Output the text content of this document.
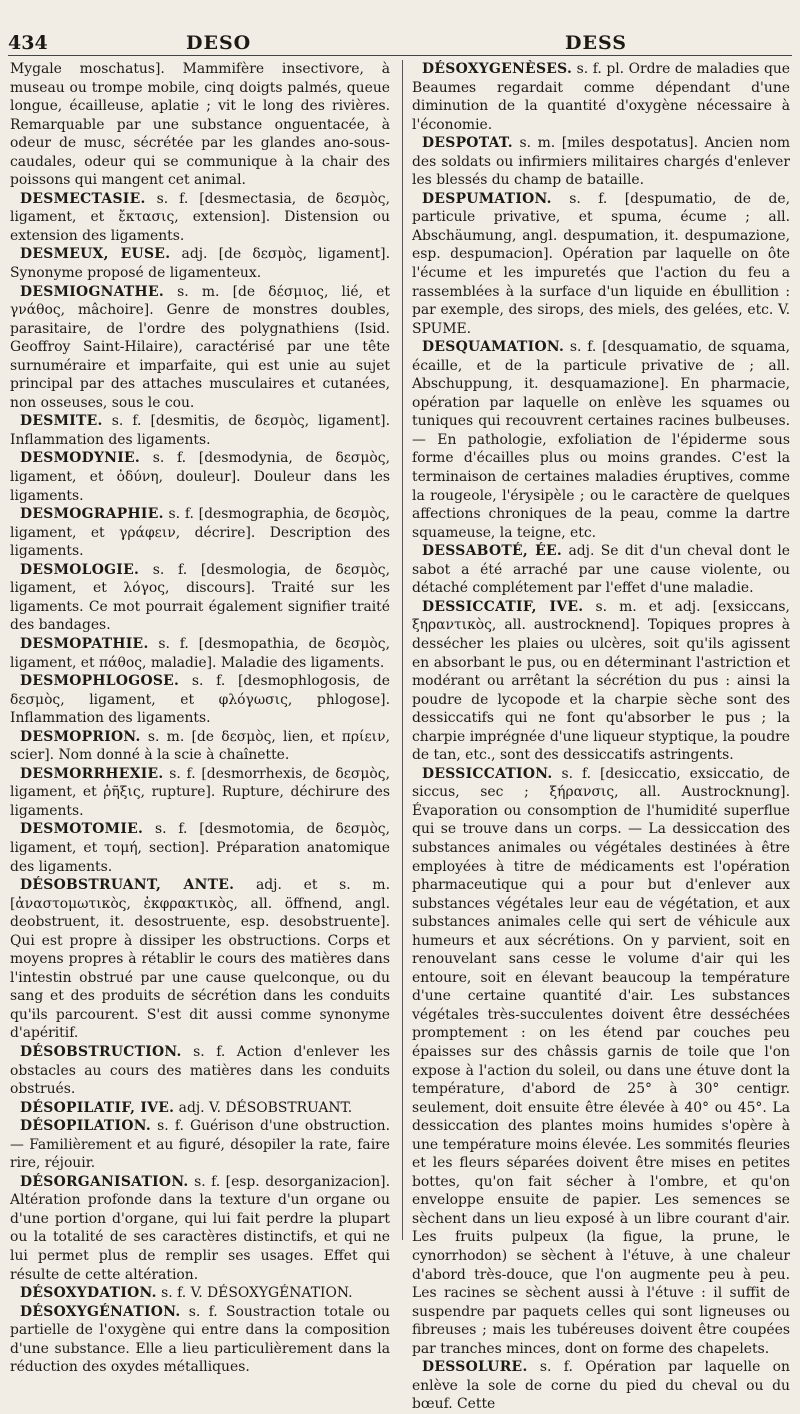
434	DESO	DESS

Mygale moschatus]. Mammifère insectivore, à museau ou trompe mobile, cinq doigts palmés, queue longue, écailleuse, aplatie ; vit le long des rivières. Remarquable par une substance onguentacée, à odeur de musc, sécrétée par les glandes ano-sous-caudales, odeur qui se communique à la chair des poissons qui mangent cet animal.

DESMECTASIE. s. f. [desmectasia, de δεσμὸς, ligament, et ἔκτασις, extension]. Distension ou extension des ligaments.

DESMEUX, EUSE. adj. [de δεσμὸς, ligament]. Synonyme proposé de ligamenteux.

DESMIOGNATHE. s. m. [de δέσμιος, lié, et γνάθος, mâchoire]. Genre de monstres doubles, parasitaire, de l'ordre des polygnathiens (Isid. Geoffroy Saint-Hilaire), caractérisé par une tête surnuméraire et imparfaite, qui est unie au sujet principal par des attaches musculaires et cutanées, non osseuses, sous le cou.

DESMITE. s. f. [desmitis, de δεσμὸς, ligament]. Inflammation des ligaments.

DESMODYNIE. s. f. [desmodynia, de δεσμὸς, ligament, et ὀδύνη, douleur]. Douleur dans les ligaments.

DESMOGRAPHIE. s. f. [desmographia, de δεσμὸς, ligament, et γράφειν, décrire]. Description des ligaments.

DESMOLOGIE. s. f. [desmologia, de δεσμὸς, ligament, et λόγος, discours]. Traité sur les ligaments. Ce mot pourrait également signifier traité des bandages.

DESMOPATHIE. s. f. [desmopathia, de δεσμὸς, ligament, et πάθος, maladie]. Maladie des ligaments.

DESMOPHLOGOSE. s. f. [desmophlogosis, de δεσμὸς, ligament, et φλόγωσις, phlogose]. Inflammation des ligaments.

DESMOPRION. s. m. [de δεσμὸς, lien, et πρίειν, scier]. Nom donné à la scie à chaînette.

DESMORRHEXIE. s. f. [desmorrhexis, de δεσμὸς, ligament, et ῥῆξις, rupture]. Rupture, déchirure des ligaments.

DESMOTOMIE. s. f. [desmotomia, de δεσμὸς, ligament, et τομή, section]. Préparation anatomique des ligaments.

DÉSOBSTRUANT, ANTE. adj. et s. m. [ἀναστομωτικὸς, ἐκφρακτικὸς, all. öffnend, angl. deobstruent, it. desostruente, esp. desobstruente]. Qui est propre à dissiper les obstructions. Corps et moyens propres à rétablir le cours des matières dans l'intestin obstrué par une cause quelconque, ou du sang et des produits de sécrétion dans les conduits qu'ils parcourent. S'est dit aussi comme synonyme d'apéritif.

DÉSOBSTRUCTION. s. f. Action d'enlever les obstacles au cours des matières dans les conduits obstrués.

DÉSOPILATIF, IVE. adj. V. DÉSOBSTRUANT.

DÉSOPILATION. s. f. Guérison d'une obstruction. — Familièrement et au figuré, désopiler la rate, faire rire, réjouir.

DÉSORGANISATION. s. f. [esp. desorganizacion]. Altération profonde dans la texture d'un organe ou d'une portion d'organe, qui lui fait perdre la plupart ou la totalité de ses caractères distinctifs, et qui ne lui permet plus de remplir ses usages. Effet qui résulte de cette altération.

DÉSOXYDATION. s. f. V. DÉSOXYGÉNATION.

DÉSOXYGÉNATION. s. f. Soustraction totale ou partielle de l'oxygène qui entre dans la composition d'une substance. Elle a lieu particulièrement dans la réduction des oxydes métalliques.

DÉSOXYGENÈSES. s. f. pl. Ordre de maladies que Beaumes regardait comme dépendant d'une diminution de la quantité d'oxygène nécessaire à l'économie.

DESPOTAT. s. m. [miles despotatus]. Ancien nom des soldats ou infirmiers militaires chargés d'enlever les blessés du champ de bataille.

DESPUMATION. s. f. [despumatio, de de, particule privative, et spuma, écume ; all. Abschäumung, angl. despumation, it. despumazione, esp. despumacion]. Opération par laquelle on ôte l'écume et les impuretés que l'action du feu a rassemblées à la surface d'un liquide en ébullition : par exemple, des sirops, des miels, des gelées, etc. V. SPUME.

DESQUAMATION. s. f. [desquamatio, de squama, écaille, et de la particule privative de ; all. Abschuppung, it. desquamazione]. En pharmacie, opération par laquelle on enlève les squames ou tuniques qui recouvrent certaines racines bulbeuses. — En pathologie, exfoliation de l'épiderme sous forme d'écailles plus ou moins grandes. C'est la terminaison de certaines maladies éruptives, comme la rougeole, l'érysipèle ; ou le caractère de quelques affections chroniques de la peau, comme la dartre squameuse, la teigne, etc.

DESSABOTÉ, ÉE. adj. Se dit d'un cheval dont le sabot a été arraché par une cause violente, ou détaché complétement par l'effet d'une maladie.

DESSICCATIF, IVE. s. m. et adj. [exsiccans, ξηραντικὸς, all. austrocknend]. Topiques propres à dessécher les plaies ou ulcères, soit qu'ils agissent en absorbant le pus, ou en déterminant l'astriction et modérant ou arrêtant la sécrétion du pus : ainsi la poudre de lycopode et la charpie sèche sont des dessiccatifs qui ne font qu'absorber le pus ; la charpie imprégnée d'une liqueur styptique, la poudre de tan, etc., sont des dessiccatifs astringents.

DESSICCATION. s. f. [desiccatio, exsiccatio, de siccus, sec ; ξήρανσις, all. Austrocknung]. Évaporation ou consomption de l'humidité superflue qui se trouve dans un corps. — La dessiccation des substances animales ou végétales destinées à être employées à titre de médicaments est l'opération pharmaceutique qui a pour but d'enlever aux substances végétales leur eau de végétation, et aux substances animales celle qui sert de véhicule aux humeurs et aux sécrétions. On y parvient, soit en renouvelant sans cesse le volume d'air qui les entoure, soit en élevant beaucoup la température d'une certaine quantité d'air. Les substances végétales très-succulentes doivent être desséchées promptement : on les étend par couches peu épaisses sur des châssis garnis de toile que l'on expose à l'action du soleil, ou dans une étuve dont la température, d'abord de 25° à 30° centigr. seulement, doit ensuite être élevée à 40° ou 45°. La dessiccation des plantes moins humides s'opère à une température moins élevée. Les sommités fleuries et les fleurs séparées doivent être mises en petites bottes, qu'on fait sécher à l'ombre, et qu'on enveloppe ensuite de papier. Les semences se sèchent dans un lieu exposé à un libre courant d'air. Les fruits pulpeux (la figue, la prune, le cynorrhodon) se sèchent à l'étuve, à une chaleur d'abord très-douce, que l'on augmente peu à peu. Les racines se sèchent aussi à l'étuve : il suffit de suspendre par paquets celles qui sont ligneuses ou fibreuses ; mais les tubéreuses doivent être coupées par tranches minces, dont on forme des chapelets.

DESSOLURE. s. f. Opération par laquelle on enlève la sole de corne du pied du cheval ou du bœuf. Cette
